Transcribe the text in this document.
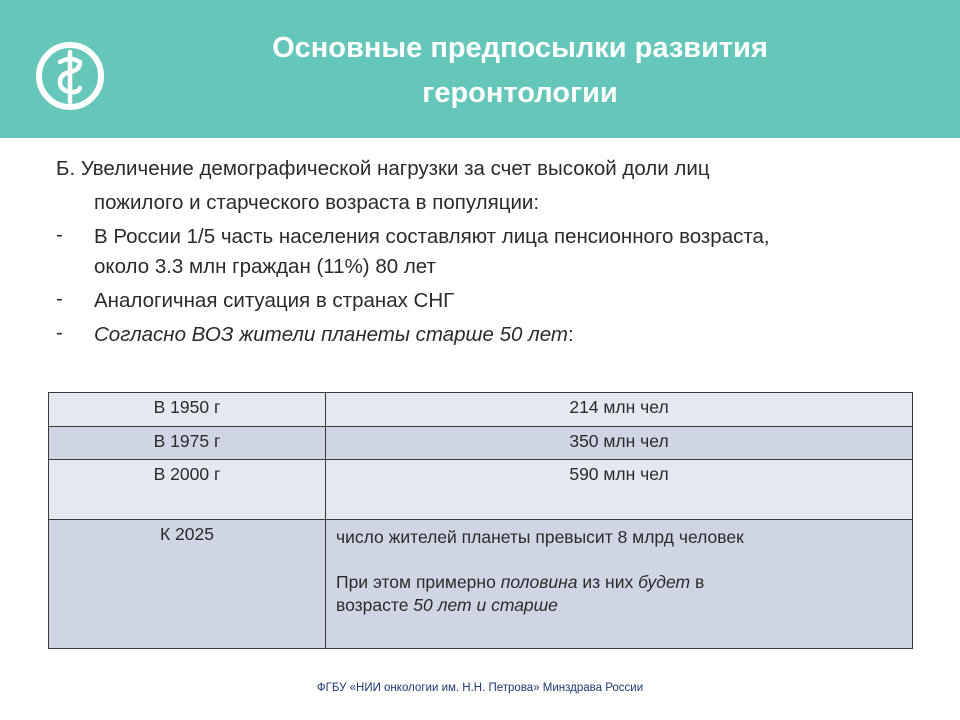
Основные предпосылки развития
геронтологии

Б. Увеличение демографической нагрузки за счет высокой доли лиц
пожилого и старческого возраста в популяции:

- В России 1/5 часть населения составляют лица пенсионного возраста,
около 3.3 млн граждан (11%) 80 лет
- Аналогичная ситуация в странах СНГ
- Согласно ВОЗ жители планеты старше 50 лет:
В 1950 г	214 млн чел
В 1975 г	350 млн чел
В 2000 г	590 млн чел
К 2025	число жителей планеты превысит 8 млрд человек
При этом примерно половина из них будет в
возрасте 50 лет и старше
ФГБУ «НИИ онкологии им. Н.Н. Петрова» Минздрава России
